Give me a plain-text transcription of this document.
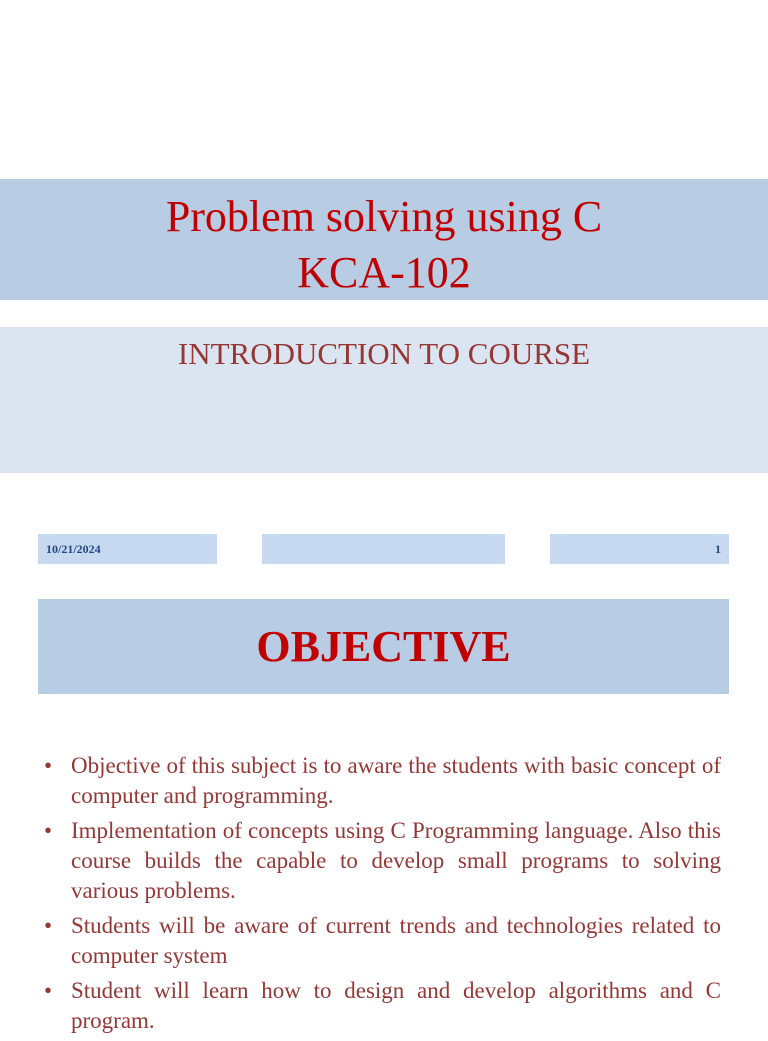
Problem solving using C
KCA-102
INTRODUCTION TO COURSE
10/21/2024	1
OBJECTIVE
• Objective of this subject is to aware the students with basic concept of computer and programming.
• Implementation of concepts using C Programming language. Also this course builds the capable to develop small programs to solving various problems.
• Students will be aware of current trends and technologies related to computer system
• Student will learn how to design and develop algorithms and C program.
